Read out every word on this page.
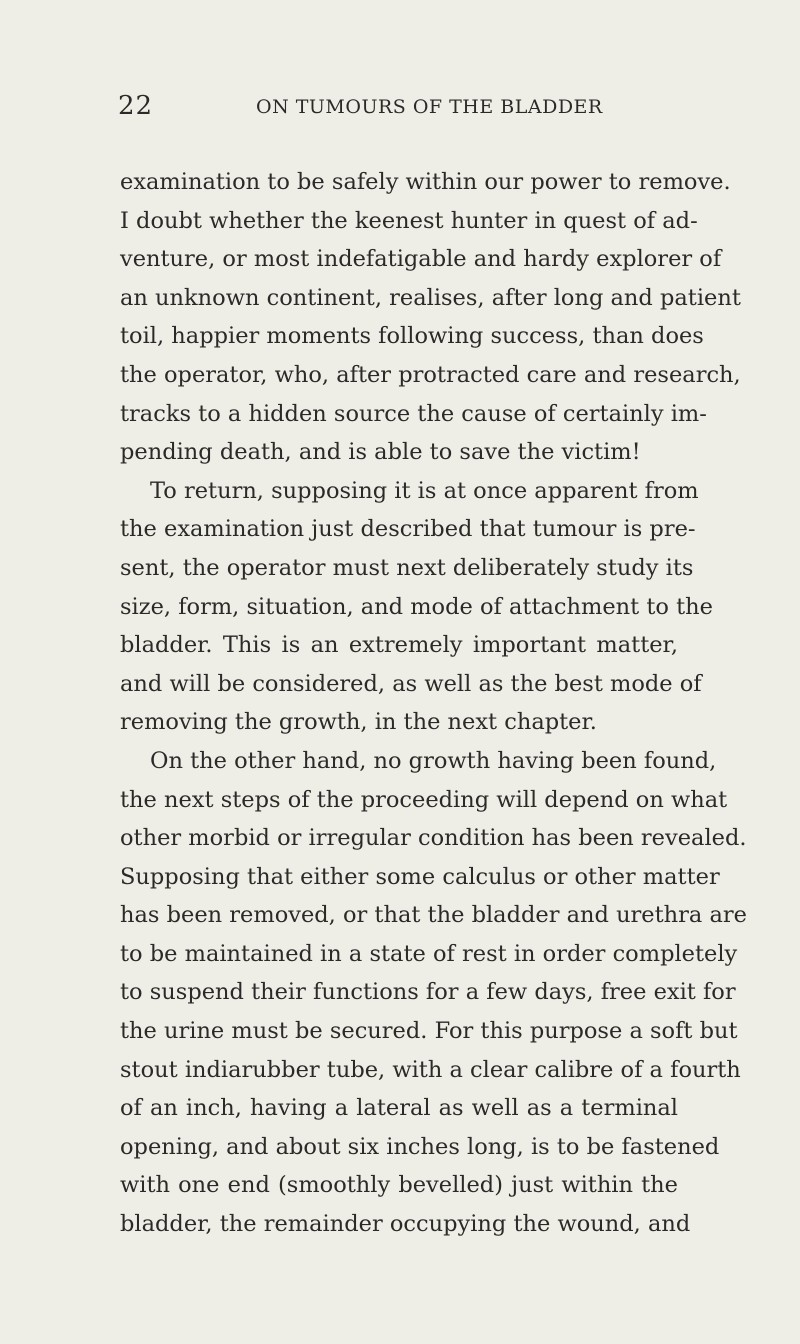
22	ON TUMOURS OF THE BLADDER
examination to be safely within our power to remove.
I doubt whether the keenest hunter in quest of ad-
venture, or most indefatigable and hardy explorer of
an unknown continent, realises, after long and patient
toil, happier moments following success, than does
the operator, who, after protracted care and research,
tracks to a hidden source the cause of certainly im-
pending death, and is able to save the victim!
To return, supposing it is at once apparent from
the examination just described that tumour is pre-
sent, the operator must next deliberately study its
size, form, situation, and mode of attachment to the
bladder. This is an extremely important matter,
and will be considered, as well as the best mode of
removing the growth, in the next chapter.
On the other hand, no growth having been found,
the next steps of the proceeding will depend on what
other morbid or irregular condition has been revealed.
Supposing that either some calculus or other matter
has been removed, or that the bladder and urethra are
to be maintained in a state of rest in order completely
to suspend their functions for a few days, free exit for
the urine must be secured. For this purpose a soft but
stout indiarubber tube, with a clear calibre of a fourth
of an inch, having a lateral as well as a terminal
opening, and about six inches long, is to be fastened
with one end (smoothly bevelled) just within the
bladder, the remainder occupying the wound, and
